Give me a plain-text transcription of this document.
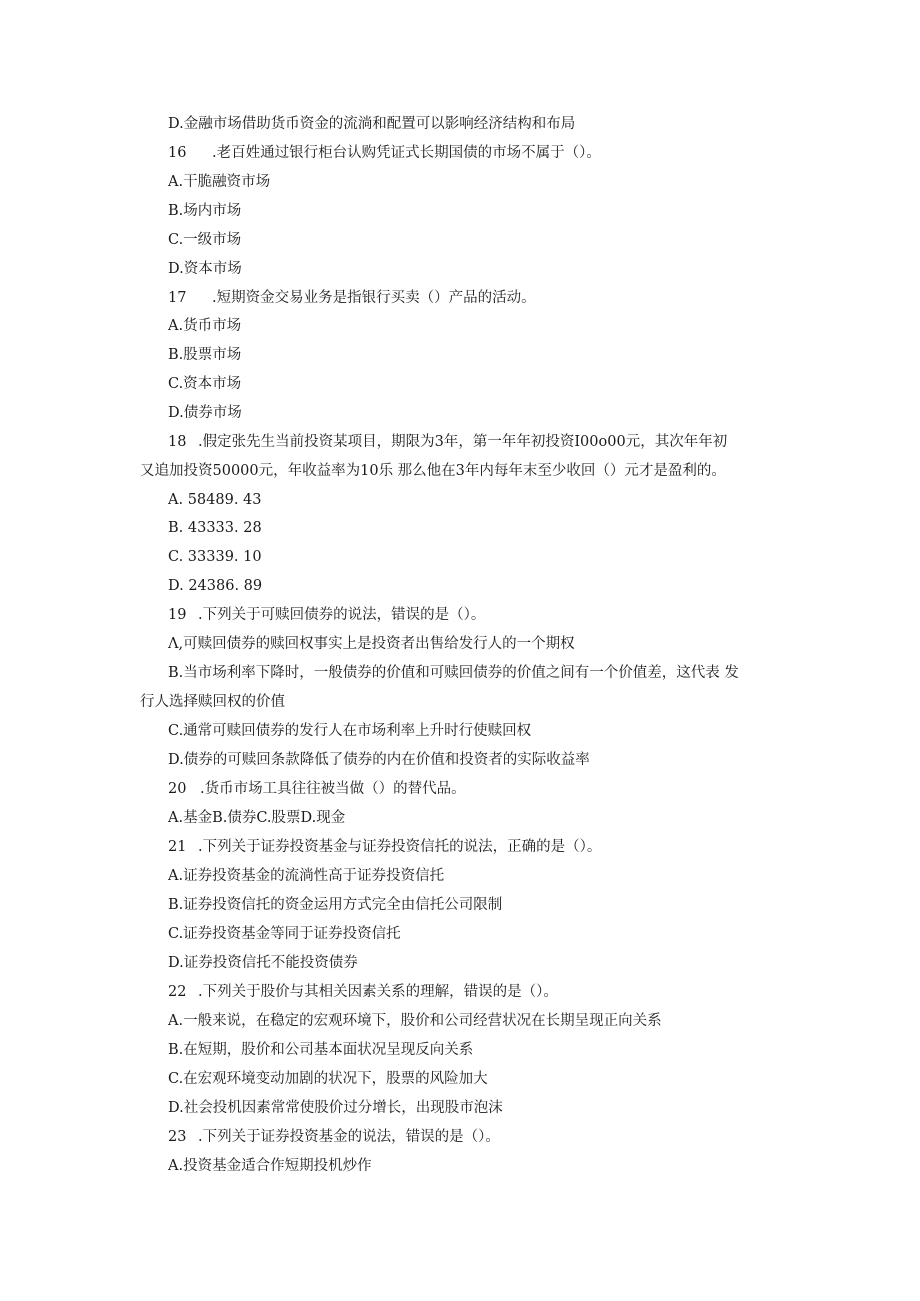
D.金融市场借助货币资金的流淌和配置可以影响经济结构和布局
16 .老百姓通过银行柜台认购凭证式长期国债的市场不属于（）。
A.干脆融资市场
B.场内市场
C.一级市场
D.资本市场
17 .短期资金交易业务是指银行买卖（）产品的活动。
A.货币市场
B.股票市场
C.资本市场
D.债券市场
18 .假定张先生当前投资某项目，期限为3年，第一年年初投资I00o00元，其次年年初
又追加投资50000元，年收益率为10乐 那么他在3年内每年末至少收回（）元才是盈利的。
A. 58489. 43
B. 43333. 28
C. 33339. 10
D. 24386. 89
19 .下列关于可赎回债券的说法，错误的是（）。
Λ,可赎回债券的赎回权事实上是投资者出售给发行人的一个期权
B.当市场利率下降时，一般债券的价值和可赎回债券的价值之间有一个价值差，这代表 发
行人选择赎回权的价值
C.通常可赎回债券的发行人在市场利率上升时行使赎回权
D.债券的可赎回条款降低了债券的内在价值和投资者的实际收益率
20 .货币市场工具往往被当做（）的替代品。
A.基金B.债券C.股票D.现金
21 .下列关于证券投资基金与证券投资信托的说法，正确的是（）。
A.证券投资基金的流淌性高于证券投资信托
B.证券投资信托的资金运用方式完全由信托公司限制
C.证券投资基金等同于证券投资信托
D.证券投资信托不能投资债券
22 .下列关于股价与其相关因素关系的理解，错误的是（）。
A.一般来说，在稳定的宏观环境下，股价和公司经营状况在长期呈现正向关系
B.在短期，股价和公司基本面状况呈现反向关系
C.在宏观环境变动加剧的状况下，股票的风险加大
D.社会投机因素常常使股价过分增长，出现股市泡沫
23 .下列关于证券投资基金的说法，错误的是（）。
A.投资基金适合作短期投机炒作
